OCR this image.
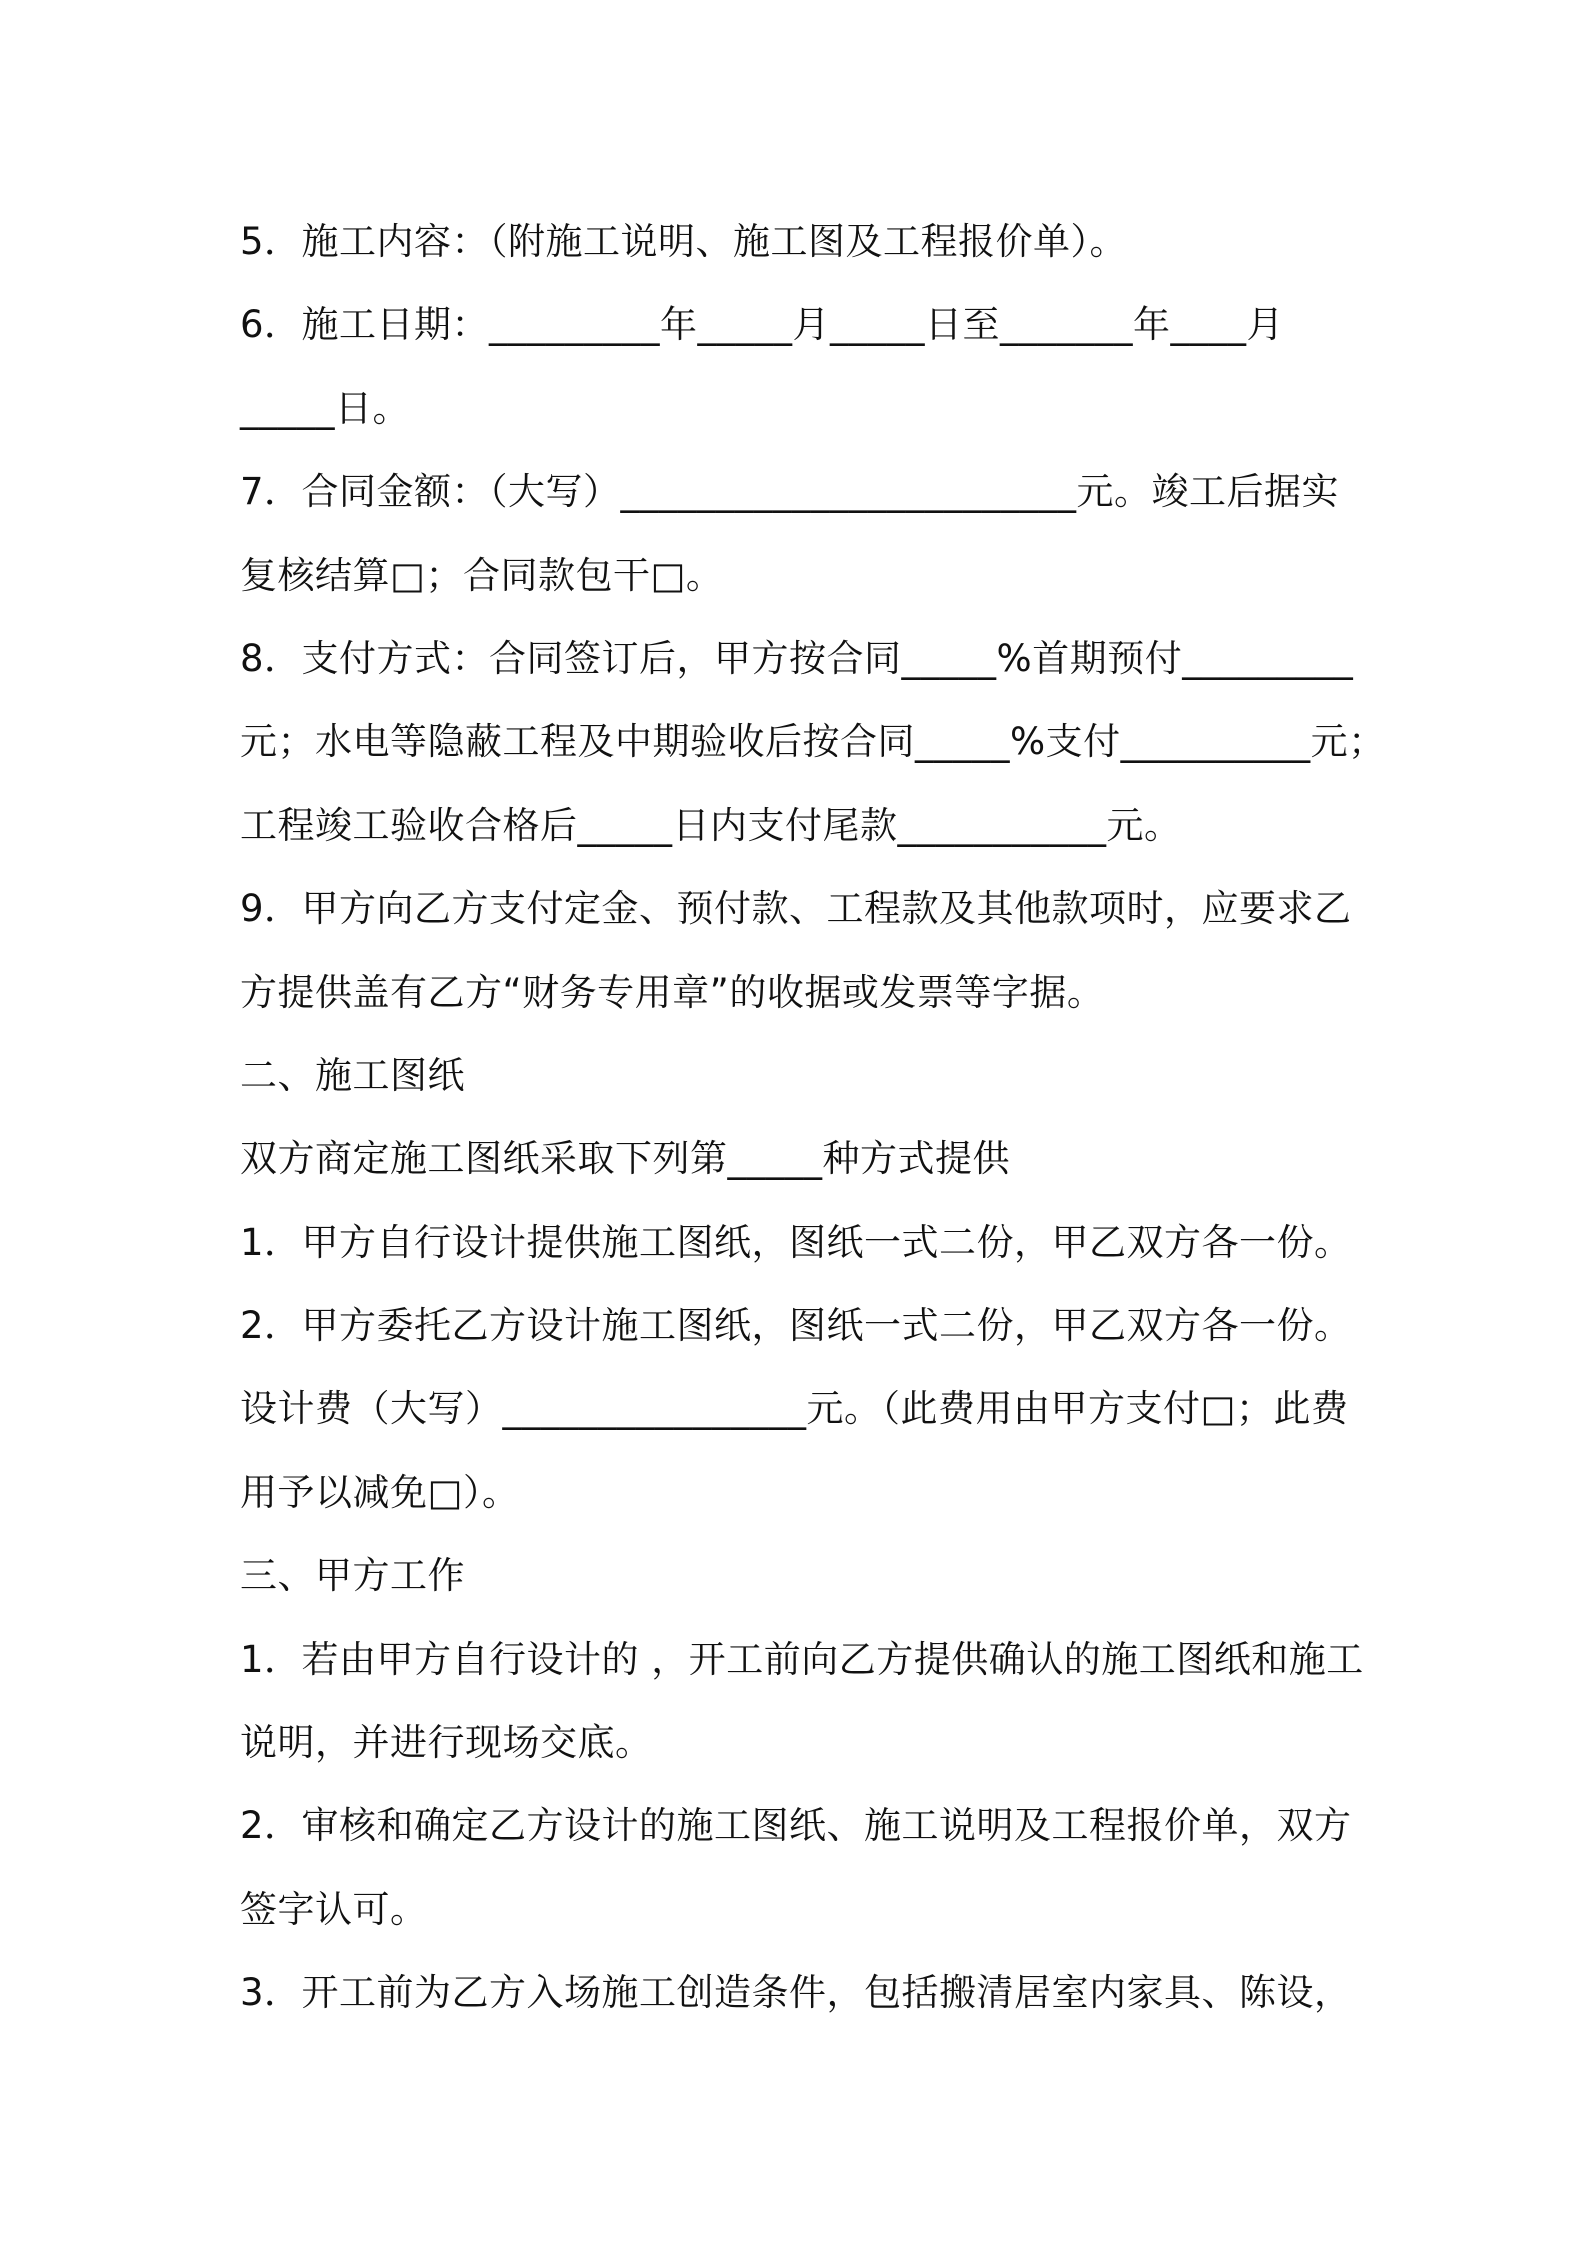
5．施工内容：（附施工说明、施工图及工程报价单）。
6．施工日期：_________年_____月_____日至_______年____月
_____日。
7．合同金额：（大写）________________________元。竣工后据实
复核结算□；合同款包干□。
8．支付方式：合同签订后，甲方按合同_____%首期预付_________
元；水电等隐蔽工程及中期验收后按合同_____%支付__________元；
工程竣工验收合格后_____日内支付尾款___________元。
9．甲方向乙方支付定金、预付款、工程款及其他款项时，应要求乙
方提供盖有乙方“财务专用章”的收据或发票等字据。
二、施工图纸
双方商定施工图纸采取下列第_____种方式提供
1．甲方自行设计提供施工图纸，图纸一式二份，甲乙双方各一份。
2．甲方委托乙方设计施工图纸，图纸一式二份，甲乙双方各一份。
设计费（大写）________________元。（此费用由甲方支付□；此费
用予以减免□）。
三、甲方工作
1．若由甲方自行设计的 ，开工前向乙方提供确认的施工图纸和施工
说明，并进行现场交底。
2．审核和确定乙方设计的施工图纸、施工说明及工程报价单，双方
签字认可。
3．开工前为乙方入场施工创造条件，包括搬清居室内家具、陈设，
